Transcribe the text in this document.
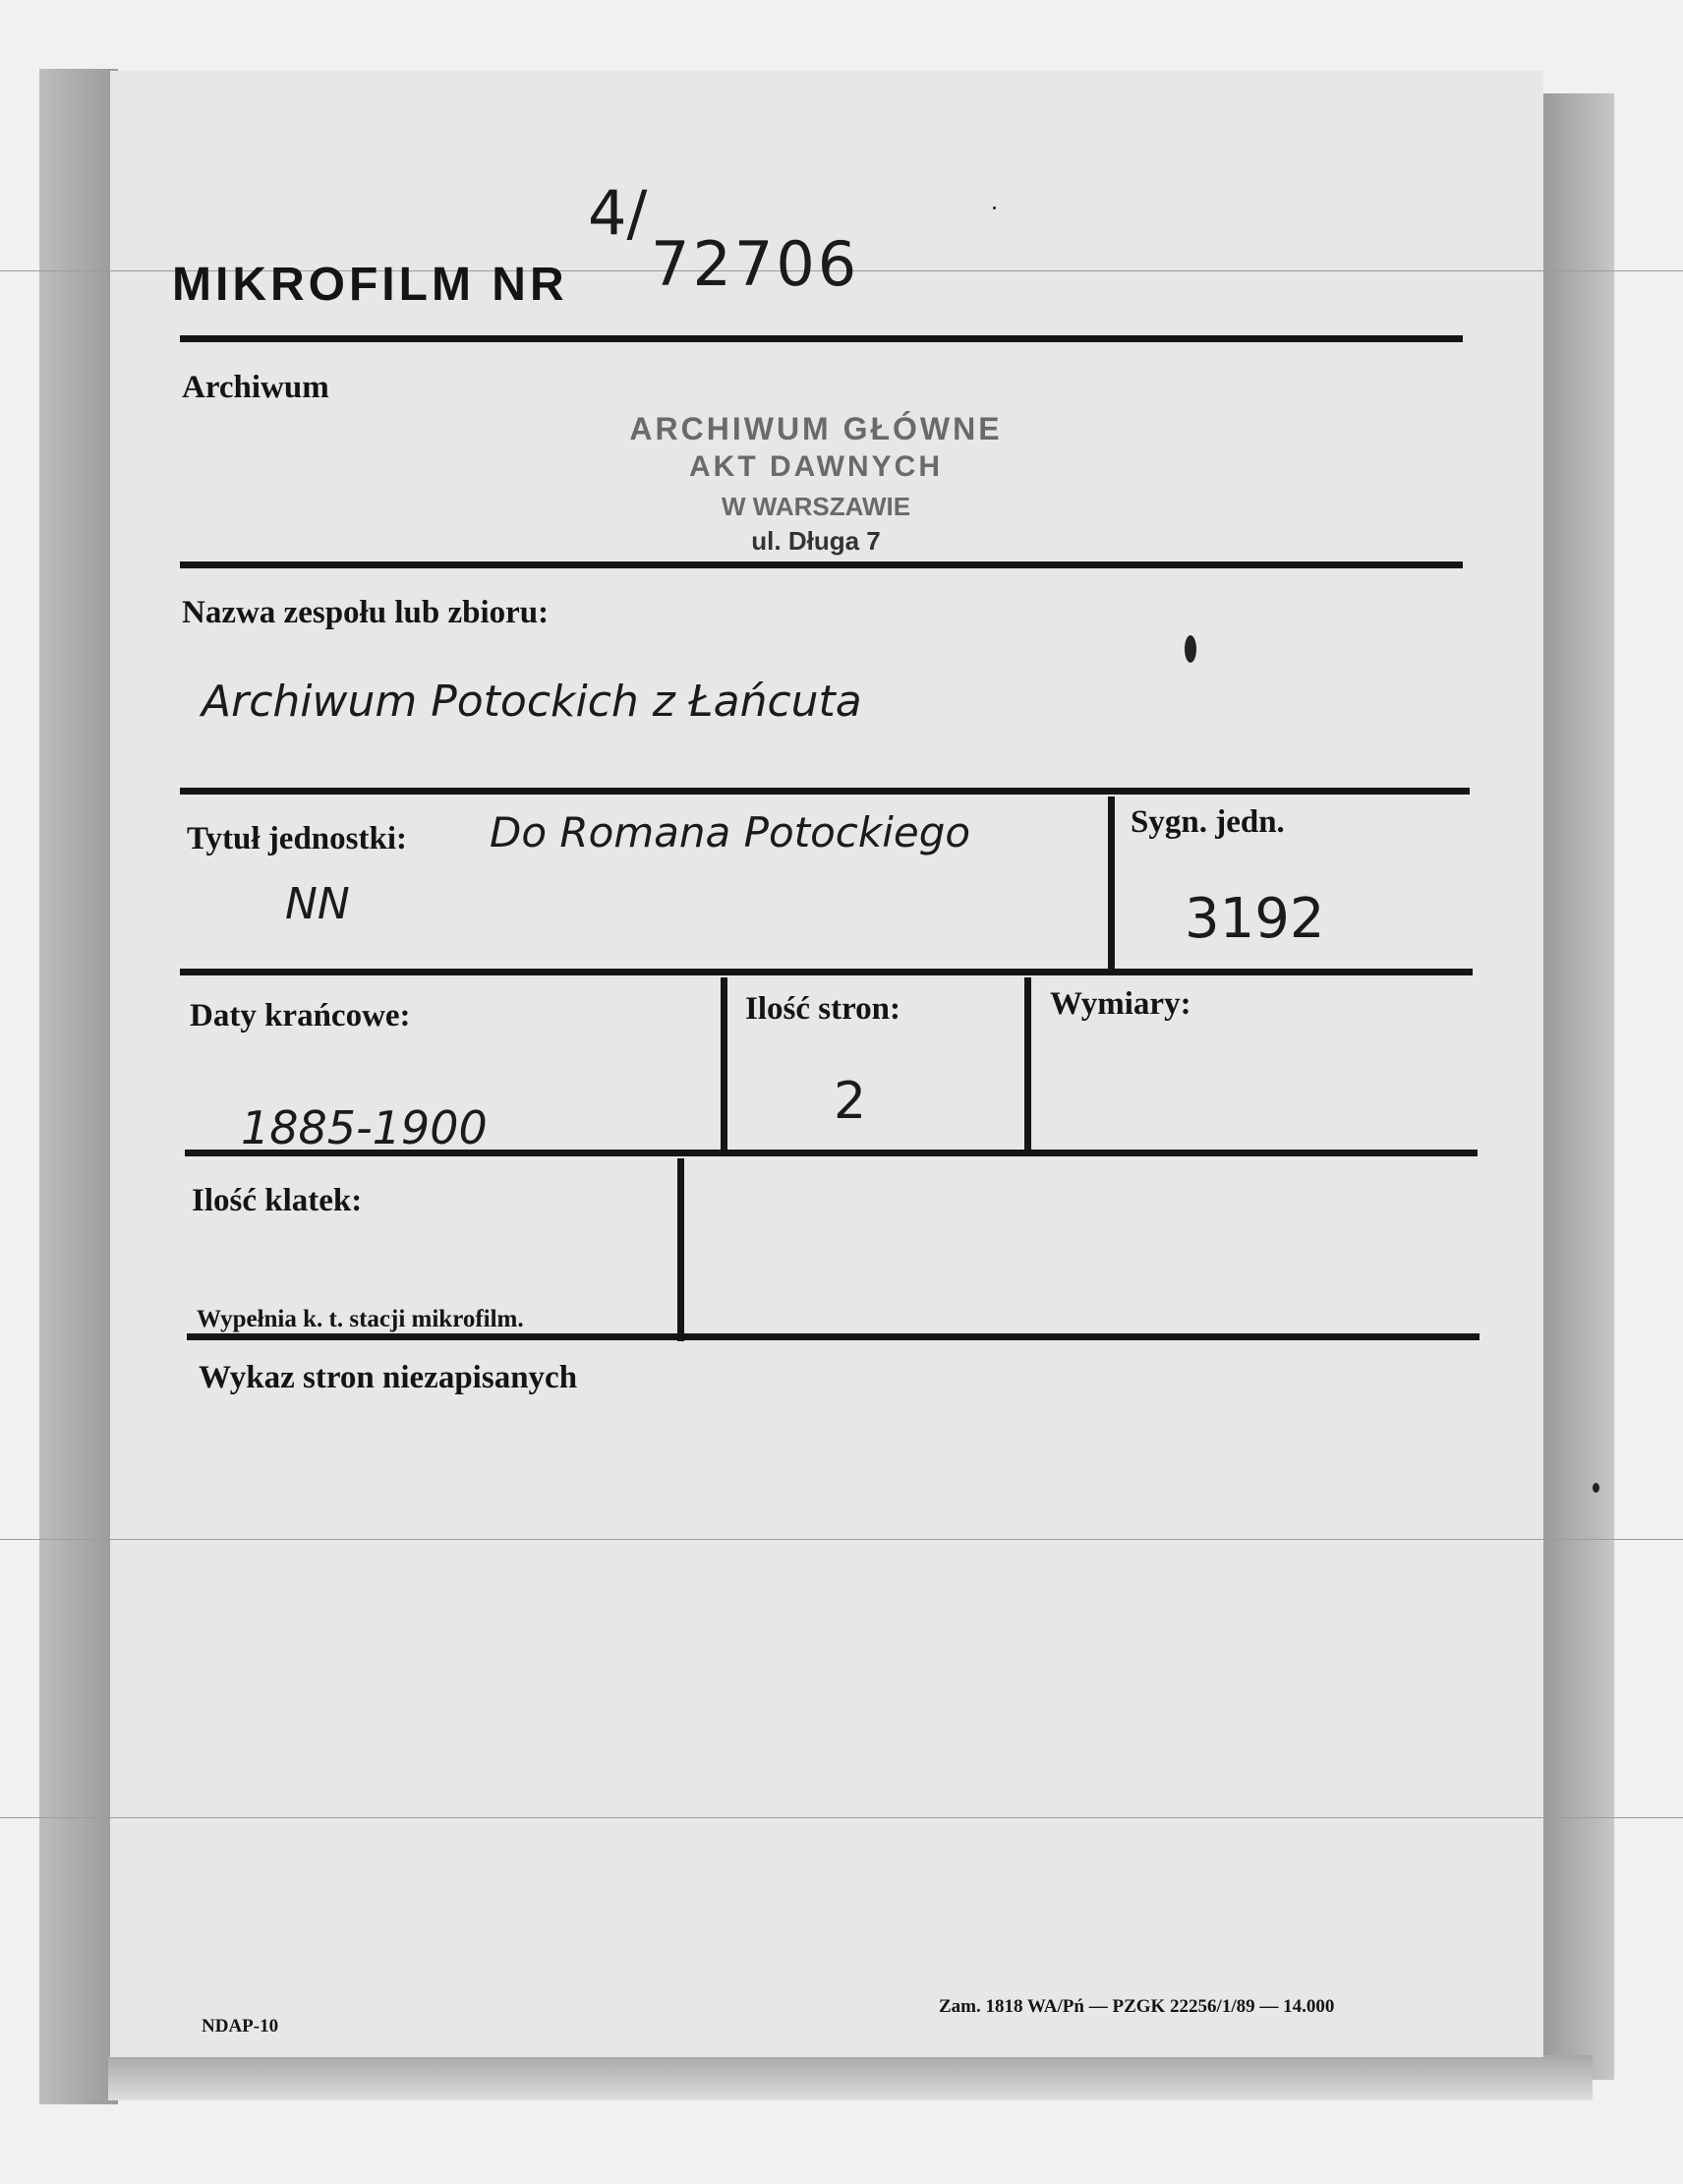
MIKROFILM NR
4/
72706
Archiwum
ARCHIWUM GŁÓWNE
AKT DAWNYCH
W WARSZAWIE
ul. Długa 7
Nazwa zespołu lub zbioru:
Archiwum Potockich z Łańcuta
Tytuł jednostki: Do Romana Potockiego
NN
Sygn. jedn.
3192
Daty krańcowe:
1885-1900
Ilość stron:
2
Wymiary:
Ilość klatek:
Wypełnia k. t. stacji mikrofilm.
Wykaz stron niezapisanych
NDAP-10
Zam. 1818 WA/Pń — PZGK 22256/1/89 — 14.000
